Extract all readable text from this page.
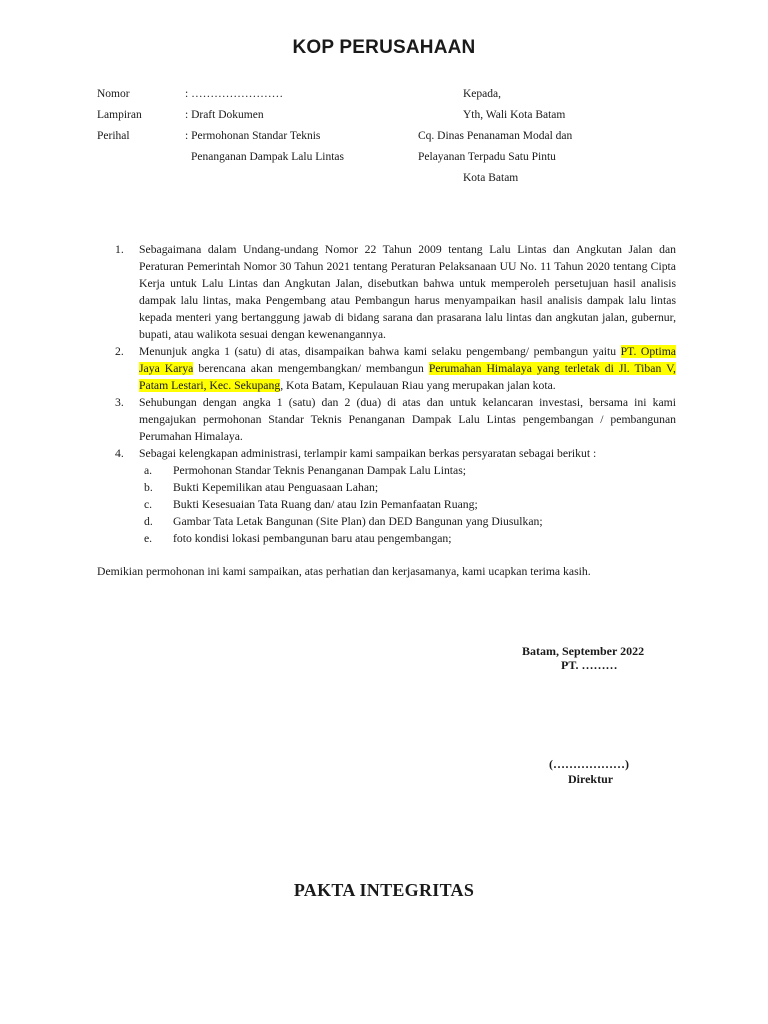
KOP PERUSAHAAN
Nomor	: ……………………
Lampiran	: Draft Dokumen
Perihal	: Permohonan Standar Teknis
Penanganan Dampak Lalu Lintas
Kepada,
Yth, Wali Kota Batam
Cq. Dinas Penanaman Modal dan
Pelayanan Terpadu Satu Pintu
Kota Batam
1. Sebagaimana dalam Undang-undang Nomor 22 Tahun 2009 tentang Lalu Lintas dan Angkutan Jalan dan Peraturan Pemerintah Nomor 30 Tahun 2021 tentang Peraturan Pelaksanaan UU No. 11 Tahun 2020 tentang Cipta Kerja untuk Lalu Lintas dan Angkutan Jalan, disebutkan bahwa untuk memperoleh persetujuan hasil analisis dampak lalu lintas, maka Pengembang atau Pembangun harus menyampaikan hasil analisis dampak lalu lintas kepada menteri yang bertanggung jawab di bidang sarana dan prasarana lalu lintas dan angkutan jalan, gubernur, bupati, atau walikota sesuai dengan kewenangannya.
2. Menunjuk angka 1 (satu) di atas, disampaikan bahwa kami selaku pengembang/ pembangun yaitu PT. Optima Jaya Karya berencana akan mengembangkan/ membangun Perumahan Himalaya yang terletak di Jl. Tiban V, Patam Lestari, Kec. Sekupang, Kota Batam, Kepulauan Riau yang merupakan jalan kota.
3. Sehubungan dengan angka 1 (satu) dan 2 (dua) di atas dan untuk kelancaran investasi, bersama ini kami mengajukan permohonan Standar Teknis Penanganan Dampak Lalu Lintas pengembangan / pembangunan Perumahan Himalaya.
4. Sebagai kelengkapan administrasi, terlampir kami sampaikan berkas persyaratan sebagai berikut :
a. Permohonan Standar Teknis Penanganan Dampak Lalu Lintas;
b. Bukti Kepemilikan atau Penguasaan Lahan;
c. Bukti Kesesuaian Tata Ruang dan/ atau Izin Pemanfaatan Ruang;
d. Gambar Tata Letak Bangunan (Site Plan) dan DED Bangunan yang Diusulkan;
e. foto kondisi lokasi pembangunan baru atau pengembangan;
Demikian permohonan ini kami sampaikan, atas perhatian dan kerjasamanya, kami ucapkan terima kasih.
Batam, September 2022
PT. ………
(………………)
Direktur
PAKTA INTEGRITAS
